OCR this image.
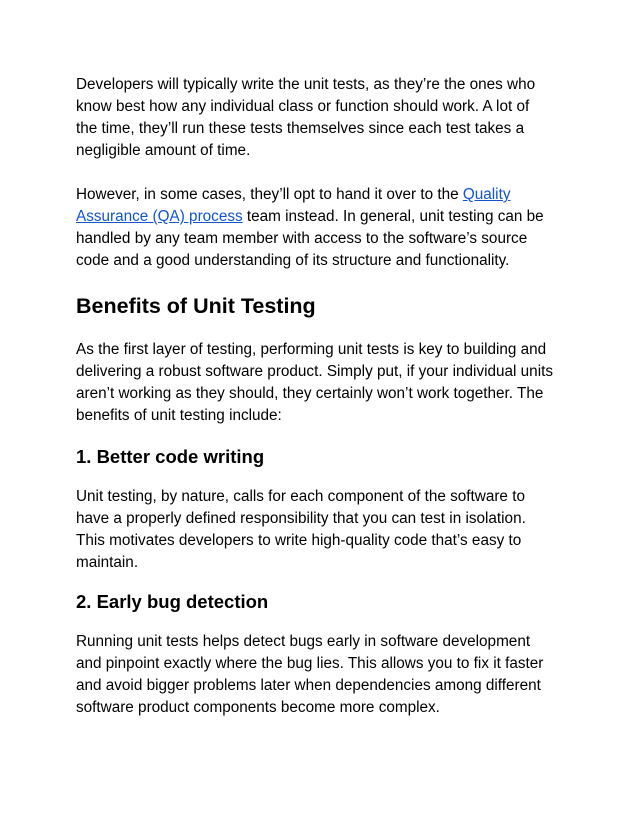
Developers will typically write the unit tests, as they’re the ones who
know best how any individual class or function should work. A lot of
the time, they’ll run these tests themselves since each test takes a
negligible amount of time.

However, in some cases, they’ll opt to hand it over to the Quality
Assurance (QA) process team instead. In general, unit testing can be
handled by any team member with access to the software’s source
code and a good understanding of its structure and functionality.

Benefits of Unit Testing

As the first layer of testing, performing unit tests is key to building and
delivering a robust software product. Simply put, if your individual units
aren’t working as they should, they certainly won’t work together. The
benefits of unit testing include:

1. Better code writing

Unit testing, by nature, calls for each component of the software to
have a properly defined responsibility that you can test in isolation.
This motivates developers to write high-quality code that’s easy to
maintain.

2. Early bug detection

Running unit tests helps detect bugs early in software development
and pinpoint exactly where the bug lies. This allows you to fix it faster
and avoid bigger problems later when dependencies among different
software product components become more complex.
